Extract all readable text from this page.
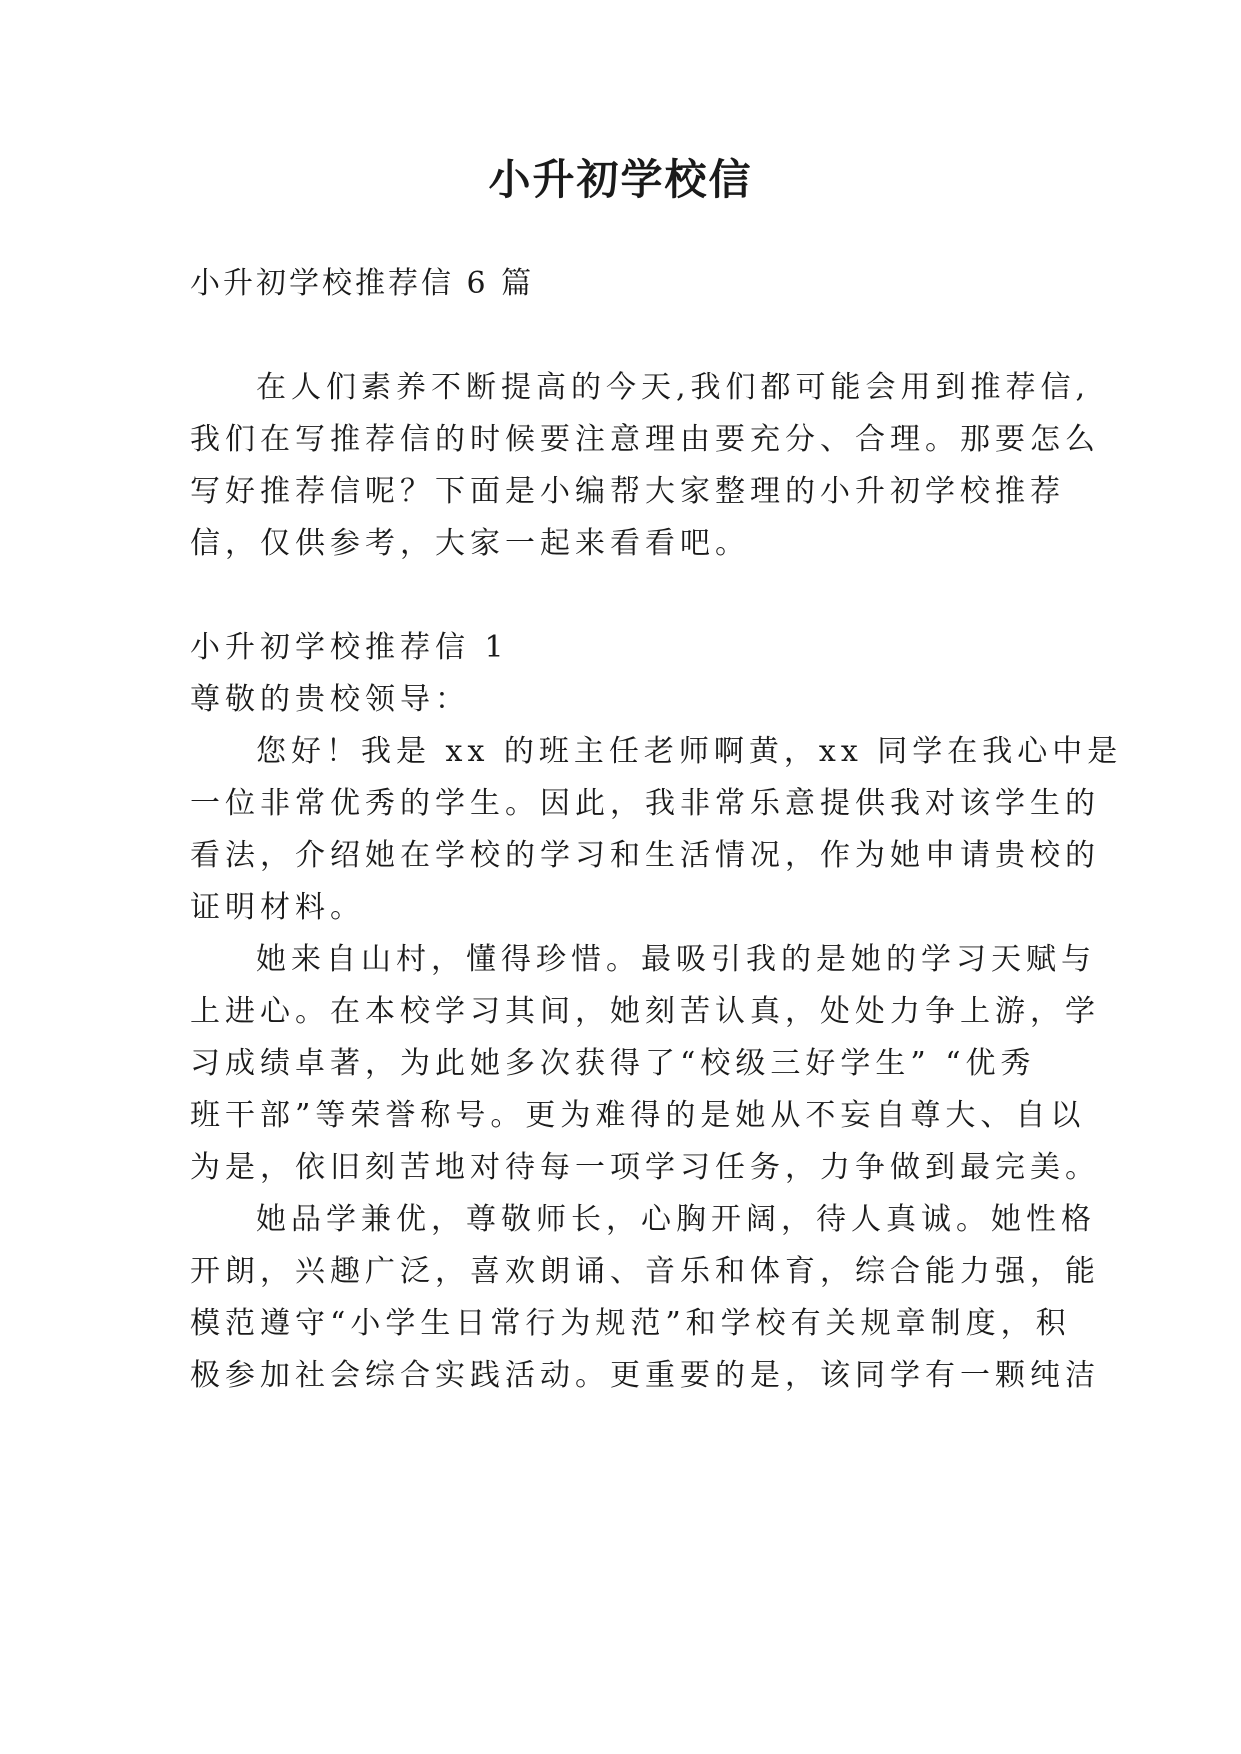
小升初学校信
小升初学校推荐信 6 篇
在人们素养不断提高的今天,我们都可能会用到推荐信,
我们在写推荐信的时候要注意理由要充分、合理。那要怎么
写好推荐信呢？下面是小编帮大家整理的小升初学校推荐
信，仅供参考，大家一起来看看吧。
小升初学校推荐信 1
尊敬的贵校领导：
您好！我是 xx 的班主任老师啊黄，xx 同学在我心中是
一位非常优秀的学生。因此，我非常乐意提供我对该学生的
看法，介绍她在学校的学习和生活情况，作为她申请贵校的
证明材料。
她来自山村，懂得珍惜。最吸引我的是她的学习天赋与
上进心。在本校学习其间，她刻苦认真，处处力争上游，学
习成绩卓著，为此她多次获得了“校级三好学生” “优秀
班干部”等荣誉称号。更为难得的是她从不妄自尊大、自以
为是，依旧刻苦地对待每一项学习任务，力争做到最完美。
她品学兼优，尊敬师长，心胸开阔，待人真诚。她性格
开朗，兴趣广泛，喜欢朗诵、音乐和体育，综合能力强，能
模范遵守“小学生日常行为规范”和学校有关规章制度，积
极参加社会综合实践活动。更重要的是，该同学有一颗纯洁
